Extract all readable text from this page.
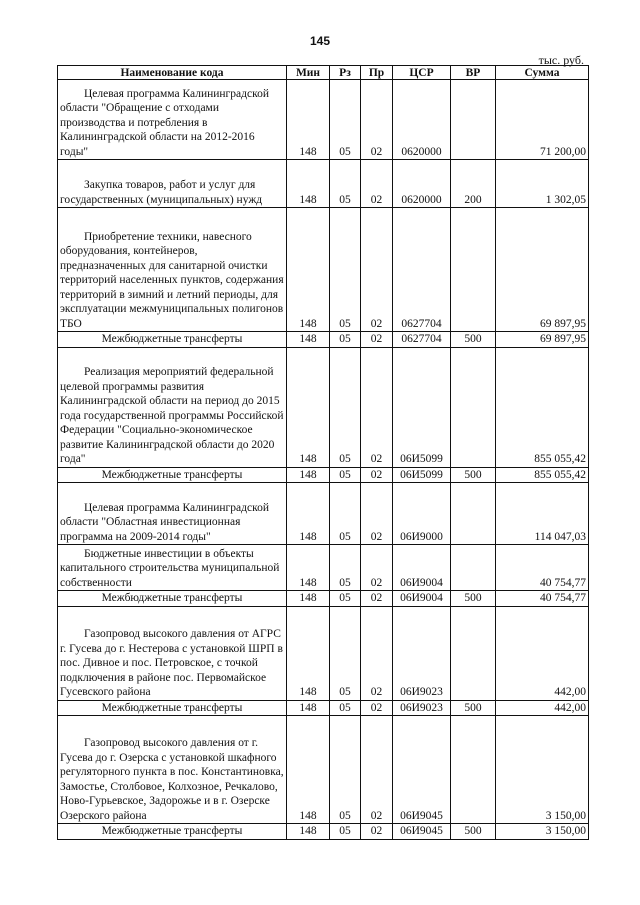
145
тыс. руб.
Наименование кода	Мин	Рз	Пр	ЦСР	ВР	Сумма
Целевая программа Калининградской области "Обращение с отходами производства и потребления в Калининградской области на 2012-2016 годы"	148	05	02	0620000		71 200,00
Закупка товаров, работ и услуг для государственных (муниципальных) нужд	148	05	02	0620000	200	1 302,05
Приобретение техники, навесного оборудования, контейнеров, предназначенных для санитарной очистки территорий населенных пунктов, содержания территорий в зимний и летний периоды, для эксплуатации межмуниципальных полигонов ТБО	148	05	02	0627704		69 897,95
Межбюджетные трансферты	148	05	02	0627704	500	69 897,95
Реализация мероприятий федеральной целевой программы развития Калининградской области на период до 2015 года государственной программы Российской Федерации "Социально-экономическое развитие Калининградской области до 2020 года"	148	05	02	06И5099		855 055,42
Межбюджетные трансферты	148	05	02	06И5099	500	855 055,42
Целевая программа Калининградской области "Областная инвестиционная программа на 2009-2014 годы"	148	05	02	06И9000		114 047,03
Бюджетные инвестиции в объекты капитального строительства муниципальной собственности	148	05	02	06И9004		40 754,77
Межбюджетные трансферты	148	05	02	06И9004	500	40 754,77
Газопровод высокого давления от АГРС г. Гусева до г. Нестерова с установкой ШРП в пос. Дивное и пос. Петровское, с точкой подключения в районе пос. Первомайское Гусевского района	148	05	02	06И9023		442,00
Межбюджетные трансферты	148	05	02	06И9023	500	442,00
Газопровод высокого давления от г. Гусева до г. Озерска с установкой шкафного регуляторного пункта в пос. Константиновка, Замостье, Столбовое, Колхозное, Речкалово, Ново-Гурьевское, Задорожье и в г. Озерске Озерского района	148	05	02	06И9045		3 150,00
Межбюджетные трансферты	148	05	02	06И9045	500	3 150,00
